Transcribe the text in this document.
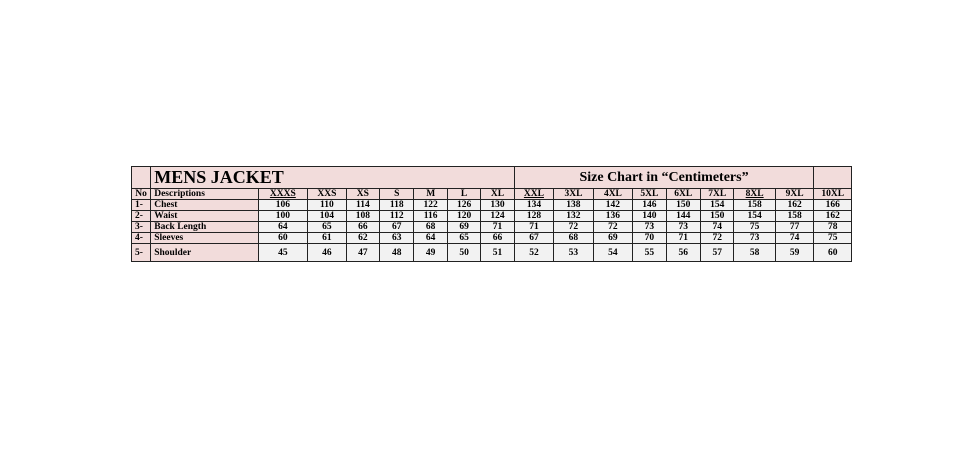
	MENS JACKET								Size Chart in “Centimeters”								
No	Descriptions	XXXS	XXS	XS	S	M	L	XL	XXL	3XL	4XL	5XL	6XL	7XL	8XL	9XL	10XL
1-	Chest	106	110	114	118	122	126	130	134	138	142	146	150	154	158	162	166
2-	Waist	100	104	108	112	116	120	124	128	132	136	140	144	150	154	158	162
3-	Back Length	64	65	66	67	68	69	71	71	72	72	73	73	74	75	77	78
4-	Sleeves	60	61	62	63	64	65	66	67	68	69	70	71	72	73	74	75
5-	Shoulder	45	46	47	48	49	50	51	52	53	54	55	56	57	58	59	60
